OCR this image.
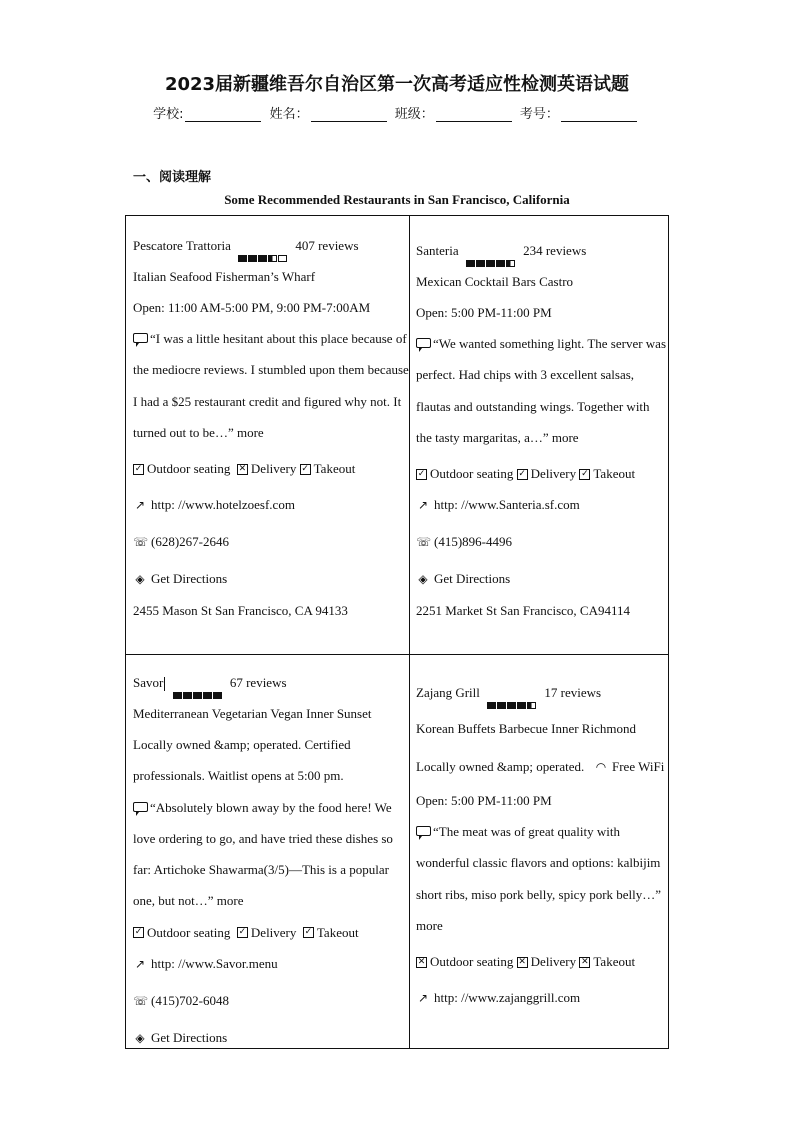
2023届新疆维吾尔自治区第一次高考适应性检测英语试题
学校:	姓名：	班级：	考号：
一、阅读理解
Some Recommended Restaurants in San Francisco, California
Pescatore Trattoria	407 reviews
Italian Seafood Fisherman’s Wharf
Open: 11:00 AM-5:00 PM, 9:00 PM-7:00AM
“I was a little hesitant about this place because of the mediocre reviews. I stumbled upon them because I had a $25 restaurant credit and figured why not. It turned out to be…” more
✓ Outdoor seating ✕ Delivery ✓ Takeout
↗ http: //www.hotelzoesf.com
☏ (628)267-2646
◈ Get Directions
2455 Mason St San Francisco, CA 94133
Santeria	234 reviews
Mexican Cocktail Bars Castro
Open: 5:00 PM-11:00 PM
“We wanted something light. The server was perfect. Had chips with 3 excellent salsas, flautas and outstanding wings. Together with the tasty margaritas, a…” more
✓ Outdoor seating ✓ Delivery ✓ Takeout
↗ http: //www.Santeria.sf.com
☏ (415)896-4496
◈ Get Directions
2251 Market St San Francisco, CA94114
Savor	67 reviews
Mediterranean Vegetarian Vegan Inner Sunset
Locally owned &amp; operated. Certified professionals. Waitlist opens at 5:00 pm.
“Absolutely blown away by the food here! We love ordering to go, and have tried these dishes so far: Artichoke Shawarma(3/5)—This is a popular one, but not…” more
✓ Outdoor seating ✓ Delivery ✓ Takeout
↗ http: //www.Savor.menu
☏ (415)702-6048
◈ Get Directions
Zajang Grill	17 reviews
Korean Buffets Barbecue Inner Richmond
Locally owned &amp; operated. ◠ Free WiFi
Open: 5:00 PM-11:00 PM
“The meat was of great quality with wonderful classic flavors and options: kalbijim short ribs, miso pork belly, spicy pork belly…” more
✕ Outdoor seating ✕ Delivery ✕ Takeout
↗ http: //www.zajanggrill.com
